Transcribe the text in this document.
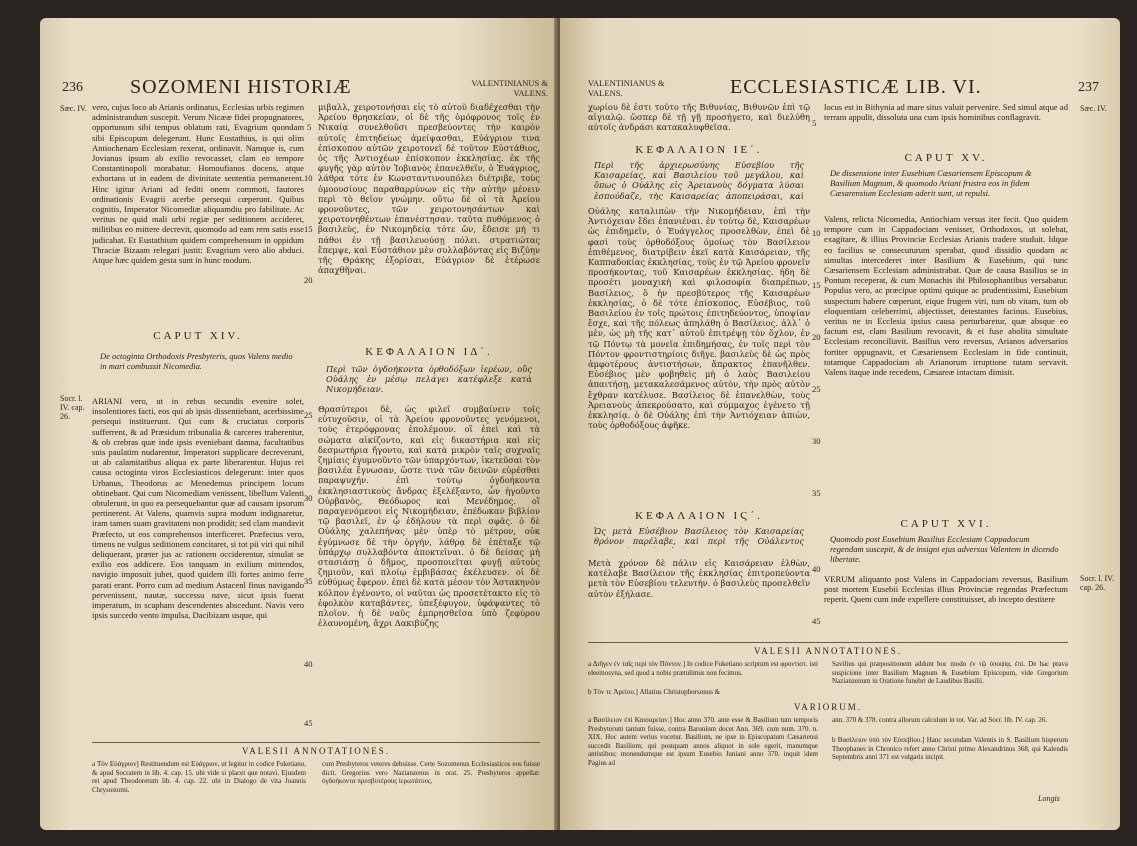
236 SOZOMENI HISTORIÆ	VALENTINIANUS & VALENS.
Sæc. IV. vero, cujus loco ab Arianis ordinatus, Ecclesias urbis regimen administrandum suscepit. Verum Nicææ fidei propugnatores, opportunum sibi tempus oblatum rati, Evagrium quondam sibi Episcopum delegerunt. Hunc Eustathius, is qui olim Antiochenam Ecclesiam rexerat, ordinavit. Namque is, cum Jovianus ipsum ab exilio revocasset, clam eo tempore Constantinopoli morabatur. Homoufianos docens, atque exhortans ut in eadem de divinitate sententia permanerent. Hinc igitur Ariani ad fediti onem commoti, fautores ordinationis Evagrii acerbe persequi cœperunt. Quibus cognitis, Imperator Nicomediæ aliquamdiu pro fabilitate. Ac veritus ne quid mali urbi regiæ per seditionem accideret, militibus eo mittere decrevit, quomodo ad eam rem satis esse judicabat. Et Eustathium quidem comprehensum in oppidum Thraciæ Bizaam relegari justit: Evagrium vero alio abduci. Atque hæc quidem gesta sunt in hunc modum.
μιβαλλ, χειροτονήσαι εἰς τὸ αὐτοῦ διαδέχεσθαι τὴν Ἀρείου θρησκείαν, οἱ δὲ τῆς ὁμόφρονος τοῖς ἐν Νικαίᾳ συνελθοῦσι πρεσβεύοντες τὴν καιρὸν αὐτοῖς ἐπιτηδείως ἀμείψασθαι, Εὐάγριον τινα ἐπίσκοπον αὐτῶν χειροτονεῖ δὲ τοῦτον Εὐστάθιος, ὁς τῆς Ἀντιοχέων ἐπίσκοπον ἐκκλησίας. ἐκ τῆς φυγῆς γὰρ αὐτὸν Ἰοβιανὸς ἐπανελθεῖν, ὁ Ἐυάγριος, λάθρα τότε ἐν Κωνσταντινουπόλει διέτριβε, τοὺς ὁμοουσίους παραθαρρύνων εἰς τὴν αὐτὴν μένειν περὶ τὸ θεῖον γνώμην. οὕτω δὲ οἱ τὰ Ἀρείου φρονοῦντες, τῶν χειροτονησάντων καὶ χειροτονηθέντων ἐπανέστησαν. ταῦτα πυθόμενος ὁ βασιλεὺς, ἐν Νικομηδείᾳ τότε ὤν, ἔδεισε μή τι πάθοι ἐν τῇ βασιλευούσῃ πόλει. στρατιώτας ἔπεμψε, καὶ Εὐστάθιον μὲν συλλαβόντας εἰς Βιζύην τῆς Θράκης ἐξορίσαι, Εὐάγριον δὲ ἑτέρωσε ἀπαχθῆναι.
CAPUT XIV.
ΚΕΦΑΛΑΙΟΝ ΙΔ΄.
De octoginta Orthodoxis Presbyteris, quos Valens medio in mari combussit Nicomedia.	Περὶ τῶν ὀγδοήκοντα ὀρθοδόξων ἱερέων, οὓς Οὐάλης ἐν μέσῳ πελάγει κατέφλεξε κατὰ Νικομήδειαν.
Socr. l. IV. cap. 26.
ARIANI vero, ut in rebus secundis evenire solet, insolentiores facti, eos qui ab ipsis dissentiebant, acerbissime persequi instituerunt. Qui cum & cruciatus corporis sufferrent, & ad Præsidum tribunalia & carceres traherentur, & ob crebras quæ inde ipsis eveniebant damna, facultatibus suis paulatim nudarentur, Imperatori supplicare decreverunt, ut ab calamitatibus aliqua ex parte liberarentur. Hujus rei causa octoginta viros Ecclesiasticos delegerunt: inter quos Urbanus, Theodorus ac Menedemus principem locum obtinebant. Qui cum Nicomediam venissent, libellum Valenti obtulerunt, in quo ea persequebantur quæ ad causam ipsorum pertinerent. At Valens, quamvis supra modum indignaretur, iram tamen suam gravitatem non prodidit; sed clam mandavit Præfecto, ut eos comprehensos interficeret. Præfectus vero, timens ne vulgus seditionem concitaret, si tot pii viri qui nihil deliquerant, præter jus ac rationem occiderentur, simulat se exilio eos addicere. Eos tanquam in exilium mittendos, navigio imposuit jubet, quod quidem illi fortes animo ferre parati erant. Porro cum ad medium Astacenl finus navigando pervenissent, nautæ, successu nave, sicut ipsis fuerat imperatum, in scapham descendentes abscedunt. Navis vero ipsis succedo vento impulsa, Dacibizam usque, qui
Θρασύτεροι δὲ, ὡς φιλεῖ συμβαίνειν τοῖς εὐτυχοῦσιν, οἱ τὰ Ἀρείου φρονοῦντες γενόμενοι, τοὺς ἑτερόφρονας ἐπολέμουν. οἳ ἐπεὶ καὶ τὰ σώματα αἰκίζοντο, καὶ εἰς δικαστήρια καὶ εἰς δεσμωτήρια ἤγοντο, καὶ κατὰ μικρὸν ταῖς συχναῖς ζημίαις ἐγυμνοῦντο τῶν ὑπαρχόντων, ἱκετεῦσαι τὸν βασιλέα ἔγνωσαν, ὥστε τινὰ τῶν δεινῶν εὑρέσθαι παραψυχήν. ἐπὶ τούτῳ ὀγδοήκοντα ἐκκλησιαστικοὺς ἄνδρας ἐξελέξαντο, ὧν ἡγοῦντο Οὐρβανὸς, Θεόδωρος καὶ Μενέδημος. οἳ παραγενόμενοι εἰς Νικομήδειαν, ἐπέδωκαν βιβλίον τῷ βασιλεῖ, ἐν ᾧ ἐδήλουν τὰ περὶ σφᾶς. ὁ δὲ Οὐάλης χαλεπήνας μὲν ὑπὲρ τὸ μέτρον, οὐκ ἐγύμνωσε δὲ τὴν ὀργήν, λάθρᾳ δὲ ἐπέταξε τῷ ὑπάρχῳ συλλαβόντα ἀποκτεῖναι. ὁ δὲ δείσας μὴ στασιάσῃ ὁ δῆμος, προσποιεῖται φυγῇ αὐτοὺς ζημιοῦν, καὶ πλοίῳ ἐμβιβάσας ἐκέλευσεν. οἱ δὲ εὐθύμως ἔφερον. ἐπεὶ δὲ κατὰ μέσον τὸν Ἀστακηνὸν κόλπον ἐγένοντο, οἱ ναῦται ὡς προσετέτακτο εἰς τὸ ἐφολκὸν καταβάντες, ὑπεξέφυγον, ὑφάψαντες τὸ πλοῖον. ἡ δὲ ναῦς ἐμπρησθεῖσα ὑπὸ ζεφύρου ἐλαυνομένη, ἄχρι Δακιβύζης
5
10
15
20
25
30
35
40
45
VALESII ANNOTATIONES.
a Τὸν Εὐάγριον] Restituendum est Εὐάγριον, ut legitur in codice Fuketiano, & apud Socratem in lib. 4. cap. 15. ubi vide si placet que notavi. Ejusdem rei apud Theodoretum lib. 4. cap. 22. ubi in Dialogo de vita Joannis Chrysostomi.
cum Presbyteros veteres debuisse. Certe Sozomenus Ecclesiasticos eos fuisse dicit. Gregorius vero Nazianzenus in orat. 25. Presbyteros appellat: ὀγδοήκοντα πρεσβυτέρους ἱερωτάτους.
VALENTINIANUS & VALENS.	ECCLESIASTICÆ LIB. VI.	237
Sæc. IV.
χωρίου δὲ ἐστι τοῦτο τῆς Βιθυνίας, Βιθυνῶν ἐπὶ τῷ αἰγιαλῷ. ὥσπερ δὲ τῇ γῇ προσήγετο, καὶ διελύθη αὐτοῖς ἀνδράσι κατακαλυφθεῖσα.
locus est in Bithynia ad mare situs valuit pervenire. Sed simul atque ad terram appulit, dissoluta una cum ipsis hominibus conflagravit.
ΚΕΦΑΛΑΙΟΝ ΙΕ΄.
CAPUT XV.
Περὶ τῆς ἀρχιερωσύνης Εὐσεβίου τῆς Καισαρείας, καὶ Βασιλείου τοῦ μεγάλου, καὶ ὅπως ὁ Οὐάλης εἰς Ἀρειανοὺς δόγματα λύσαι ἐσπούδαζε, τὴς Καισαρείας ἀποπειράσαι, καὶ
De dissensione inter Eusebium Cæsariensem Episcopum & Basilium Magnum, & quomodo Ariani frustra eos in fidem Cæsarensium Ecclesiam aderit sunt, ut repulsi.
Οὐάλης καταλιπὼν τὴν Νικομήδειαν, ἐπὶ τὴν Ἀντιόχειαν ἔδει ἐπανιέναι. ἐν τούτῳ δὲ, Καισαρέων ὡς ἐπιδημεῖν, ὁ Ἐυάγγελος προσελθὼν, ἐπεὶ δὲ φασὶ τοὺς ὀρθοδόξους ὁμοίως τὸν Βασίλειον ἐπιθέμενος, διατρίβειν ἐκεῖ κατὰ Καισάρειαν, τῆς Καππαδοκίας ἐκκλησίας, τοὺς ἐν τῷ Ἀρείου φρονεῖν προσήκοντας, τοῦ Καισαρέων ἐκκλησίας. ἠδη δὲ προσέτι μοναχικὴ καὶ φιλοσοφία διαπρέπων, Βασίλειος, ὃ ἠν πρεσβύτερος τῆς Καισαρέων ἐκκλησίας, ὁ δὲ τότε ἐπίσκοπος, Εὐσέβιος, τοῦ Βασιλείου ἐν τοῖς πρώτοις ἐπιτηδεύοντος, ὑποψίαν ἔσχε, καὶ τῆς πόλεως ἀπηλάθη ὁ Βασίλειος. ἀλλ᾽ ὁ μὲν, ὡς μὴ τῆς κατ᾽ αὐτοῦ ἐπιτρέψῃ τὸν ὄχλον, ἐν τῷ Πόντῳ τὰ μονεῖα ἐπιδημήσας, ἐν τοῖς περὶ τὸν Πόντον φροντιστηρίοις διῆγε. βασιλεὺς δὲ ὡς πρὸς ἀμφοτέρους ἀντιστήσων, ἄπρακτος ἐπανῆλθεν. Εὐσέβιος μὲν φοβηθεὶς μὴ ὁ λαὸς Βασιλείου ἀπαιτήσῃ, μετακαλεσάμενος αὐτὸν, τὴν πρὸς αὐτὸν ἔχθραν κατέλυσε. Βασίλειος δὲ ἐπανελθὼν, τοὺς Ἀρειανοὺς ἀπεκρούσατο, καὶ σύμμαχος ἐγένετο τῇ ἐκκλησίᾳ. ὁ δὲ Οὐάλης ἐπὶ τὴν Ἀντιόχειαν ἀπιὼν, τοὺς ὀρθοδόξους ἀφῆκε.
Valens, relicta Nicomedia, Antiochiam versus iter fecit. Quo quidem tempore cum in Cappadociam venisset, Orthodoxos, ut solebat, exagitare, & illius Provinciæ Ecclesias Arianis tradere studuit. Idque eo facilius se consecuturum sperabat, quod dissidio quodam ac simultas intercederet inter Basilium & Eusebium, qui tunc Cæsariensem Ecclesiam administrabat. Quæ de causa Basilius se in Pontum receperat, & cum Monachis ibi Philosophantibus versabatur. Populus vero, ac præcipue optimi quique ac prudentissimi, Eusebium suspectum habere cœperunt, eique frugem viri, tum ob vitam, tum ob eloquentiam celeberrimi, abjectisset, detestantes facinus. Eusebius, veritus ne in Ecclesia ipsius causa perturbaretur, quæ absque eo factum est, clam Basilium revocavit, & ei fuse abolita simultate Ecclesiam reconciliavit. Basilius vero reversus, Arianos adversarios fortiter oppugnavit, et Cæsariensem Ecclesiam in fide continuit, totamque Cappadociam ab Arianorum irruptione tutam servavit. Valens itaque inde recedens, Cæsareæ intactam dimisit.
ΚΕΦΑΛΑΙΟΝ ΙϚ΄.
CAPUT XVI.
Ὡς μετὰ Εὐσέβιον Βασίλειος τὸν Καισαρείας θρόνον παρέλαβε, καὶ περὶ τῆς Οὐάλεντος	Quomodo post Eusebium Basilius Ecclesiam Cappadocum regendam suscepit, & de insigni ejus adversus Valentem in dicendo libertate.
Μετὰ χρόνον δὲ πάλιν εἰς Καισάρειαν ἐλθὼν, κατέλαβε Βασίλειον τῆς ἐκκλησίας ἐπιτροπεύοντα μετὰ τὸν Εὐσεβίου τελευτήν. ὁ βασιλεὺς προσελθεῖν αὐτὸν ἐξήλασε.
VERUM aliquanto post Valens in Cappadociam reversus, Basilium post mortem Eusebii Ecclesias illius Provinciæ regendas Præfectum reperit. Quem cum inde expellere constituisset, ab incepto destitere
Socr. l. IV. cap. 26.
5
10
15
20
25
30
35
40
45
VALESII ANNOTATIONES.
a Διῆγεν ἐν ταῖς περὶ τὸν Πόντον.] In codice Fuketiano scriptum est φροντιστ. isti eleemosyna, sed quod a nobis prætulimus non fecimus.
b Τὸν τε Ἀρείου.] Allatius Christophorsonus &
Savilius qui præpositionem addunt hoc modo ἐν τῷ ὑποψίᾳ, ἐπί. De hac prava suspicione inter Basilium Magnum & Eusebium Episcopum, vide Gregorium Nazianzenum in Oratione funebri de Laudibus Basilii.
VARIORUM.
a Βασίλειον ἐπὶ Καισαρείαν.] Hoc anno 370. ante esse & Basilium tum temporis Presbyterum tantum fuisse, contra Baronium docet Ann. 369. cum num. 370. n. XIX. Hoc autem verius vocetur. Basilium, ne ipse in Episcopatum Cæsariensi succedit Basilium; qui postquam annos aliquot in sole egerit, manumque antistibus; monendumque est ipsum Eusebio Juniani anno 370. inquit idem Pagius ad
ann. 370 & 378. contra allorum calculum in tot. Var. ad Socr. lib. IV. cap. 26.
b Βασίλειον ὑπὸ τὸν Εὐσεβίου.] Hanc secundam Valentis in S. Basilium hisperum Theophanes in Chronico refert anno Christi primo Alexandrinus 368, qui Kalendis Septembris anni 371 est vulgaris incipit.
Longis
